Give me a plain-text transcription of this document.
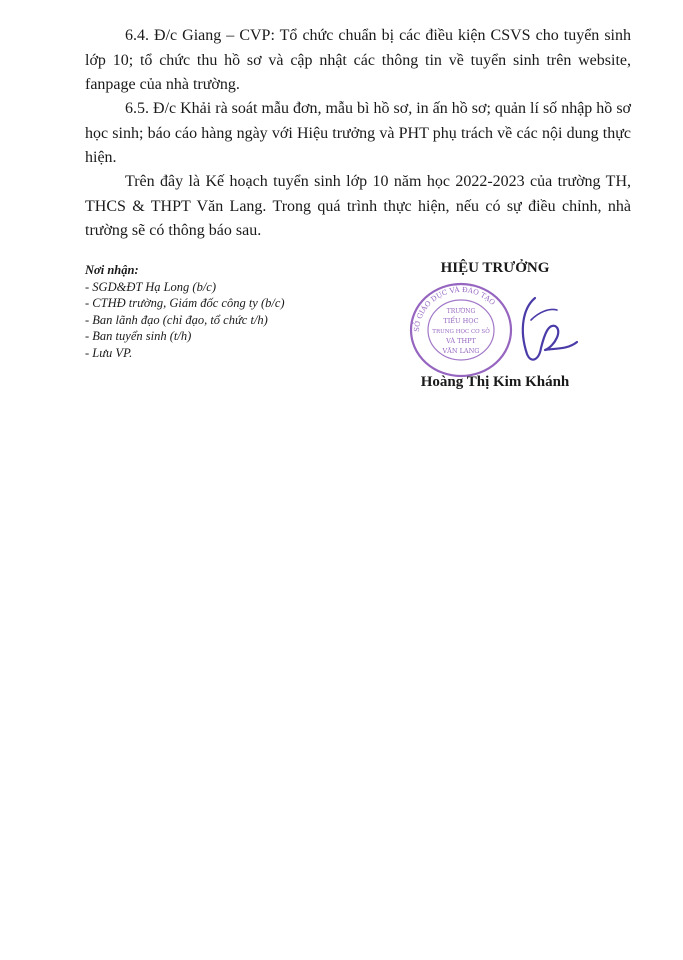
6.4. Đ/c Giang – CVP: Tổ chức chuẩn bị các điều kiện CSVS cho tuyển sinh lớp 10; tổ chức thu hồ sơ và cập nhật các thông tin về tuyển sinh trên website, fanpage của nhà trường.

6.5. Đ/c Khải rà soát mẫu đơn, mẫu bì hồ sơ, in ấn hồ sơ; quản lí số nhập hồ sơ học sinh; báo cáo hàng ngày với Hiệu trưởng và PHT phụ trách về các nội dung thực hiện.

Trên đây là Kế hoạch tuyển sinh lớp 10 năm học 2022-2023 của trường TH, THCS & THPT Văn Lang. Trong quá trình thực hiện, nếu có sự điều chỉnh, nhà trường sẽ có thông báo sau.

Nơi nhận:
- SGD&ĐT Hạ Long (b/c)
- CTHĐ trường, Giám đốc công ty (b/c)
- Ban lãnh đạo (chỉ đạo, tổ chức t/h)
- Ban tuyển sinh (t/h)
- Lưu VP.
HIỆU TRƯỞNG
SỞ GIÁO DỤC VÀ ĐÀO TẠO
TRƯỜNG
TIỂU HỌC
TRUNG HỌC CƠ SỞ
VÀ THPT
VĂN LANG
Hoàng Thị Kim Khánh
